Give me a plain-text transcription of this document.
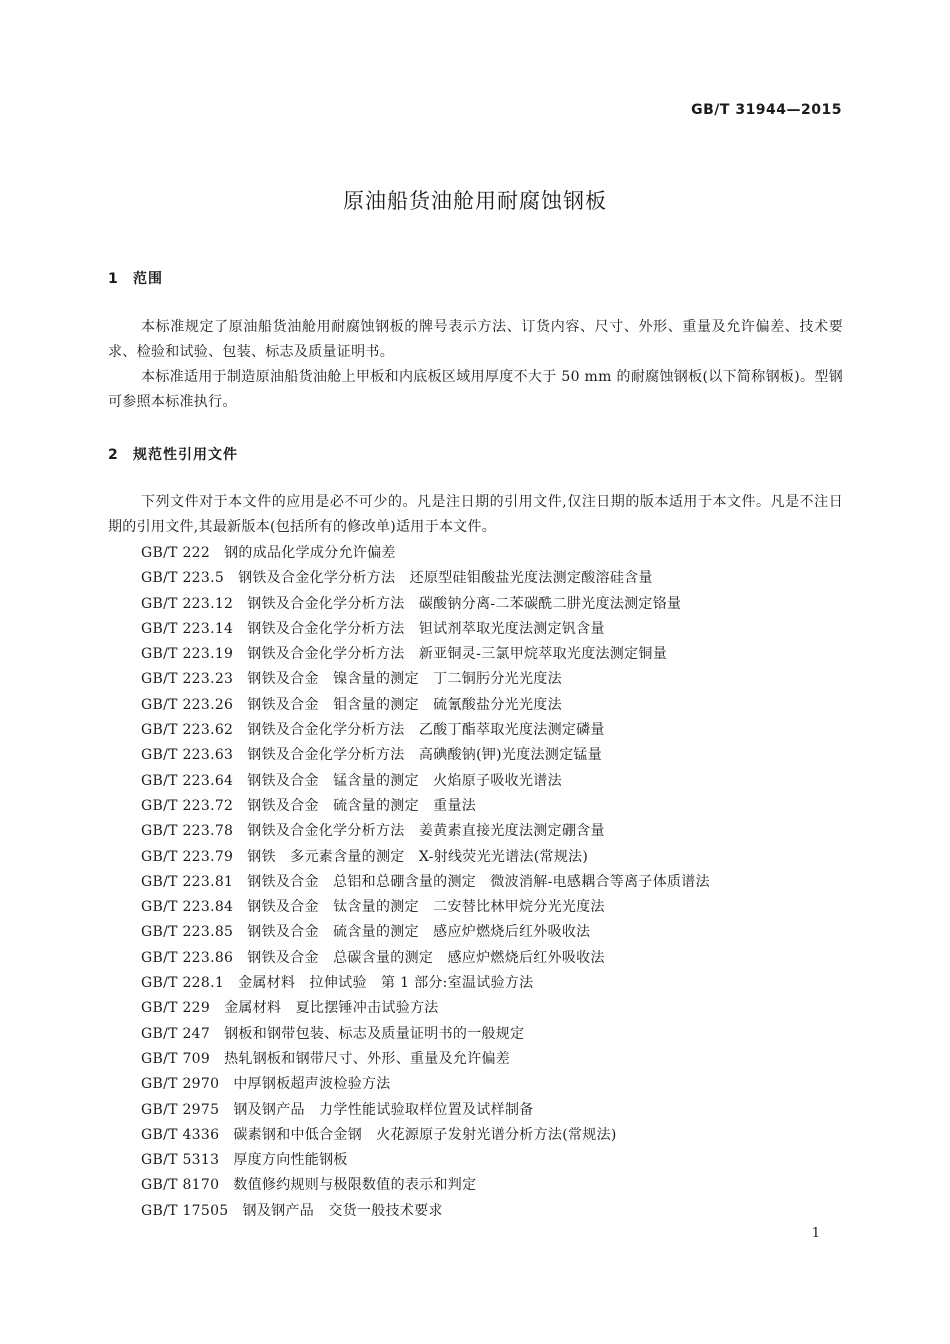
GB/T 31944—2015
原油船货油舱用耐腐蚀钢板
1 范围
本标准规定了原油船货油舱用耐腐蚀钢板的牌号表示方法、订货内容、尺寸、外形、重量及允许偏差、技术要求、检验和试验、包装、标志及质量证明书。
本标准适用于制造原油船货油舱上甲板和内底板区域用厚度不大于 50 mm 的耐腐蚀钢板(以下简称钢板)。型钢可参照本标准执行。
2 规范性引用文件
下列文件对于本文件的应用是必不可少的。凡是注日期的引用文件,仅注日期的版本适用于本文件。凡是不注日期的引用文件,其最新版本(包括所有的修改单)适用于本文件。
GB/T 222 钢的成品化学成分允许偏差
GB/T 223.5 钢铁及合金化学分析方法　还原型硅钼酸盐光度法测定酸溶硅含量
GB/T 223.12 钢铁及合金化学分析方法　碳酸钠分离-二苯碳酰二肼光度法测定铬量
GB/T 223.14 钢铁及合金化学分析方法　钽试剂萃取光度法测定钒含量
GB/T 223.19 钢铁及合金化学分析方法　新亚铜灵-三氯甲烷萃取光度法测定铜量
GB/T 223.23 钢铁及合金　镍含量的测定　丁二铜肟分光光度法
GB/T 223.26 钢铁及合金　钼含量的测定　硫氰酸盐分光光度法
GB/T 223.62 钢铁及合金化学分析方法　乙酸丁酯萃取光度法测定磷量
GB/T 223.63 钢铁及合金化学分析方法　高碘酸钠(钾)光度法测定锰量
GB/T 223.64 钢铁及合金　锰含量的测定　火焰原子吸收光谱法
GB/T 223.72 钢铁及合金　硫含量的测定　重量法
GB/T 223.78 钢铁及合金化学分析方法　姜黄素直接光度法测定硼含量
GB/T 223.79 钢铁　多元素含量的测定　X-射线荧光光谱法(常规法)
GB/T 223.81 钢铁及合金　总铝和总硼含量的测定　微波消解-电感耦合等离子体质谱法
GB/T 223.84 钢铁及合金　钛含量的测定　二安替比林甲烷分光光度法
GB/T 223.85 钢铁及合金　硫含量的测定　感应炉燃烧后红外吸收法
GB/T 223.86 钢铁及合金　总碳含量的测定　感应炉燃烧后红外吸收法
GB/T 228.1 金属材料　拉伸试验　第 1 部分:室温试验方法
GB/T 229 金属材料　夏比摆锤冲击试验方法
GB/T 247 钢板和钢带包装、标志及质量证明书的一般规定
GB/T 709 热轧钢板和钢带尺寸、外形、重量及允许偏差
GB/T 2970 中厚钢板超声波检验方法
GB/T 2975 钢及钢产品　力学性能试验取样位置及试样制备
GB/T 4336 碳素钢和中低合金钢　火花源原子发射光谱分析方法(常规法)
GB/T 5313 厚度方向性能钢板
GB/T 8170 数值修约规则与极限数值的表示和判定
GB/T 17505 钢及钢产品　交货一般技术要求
1
